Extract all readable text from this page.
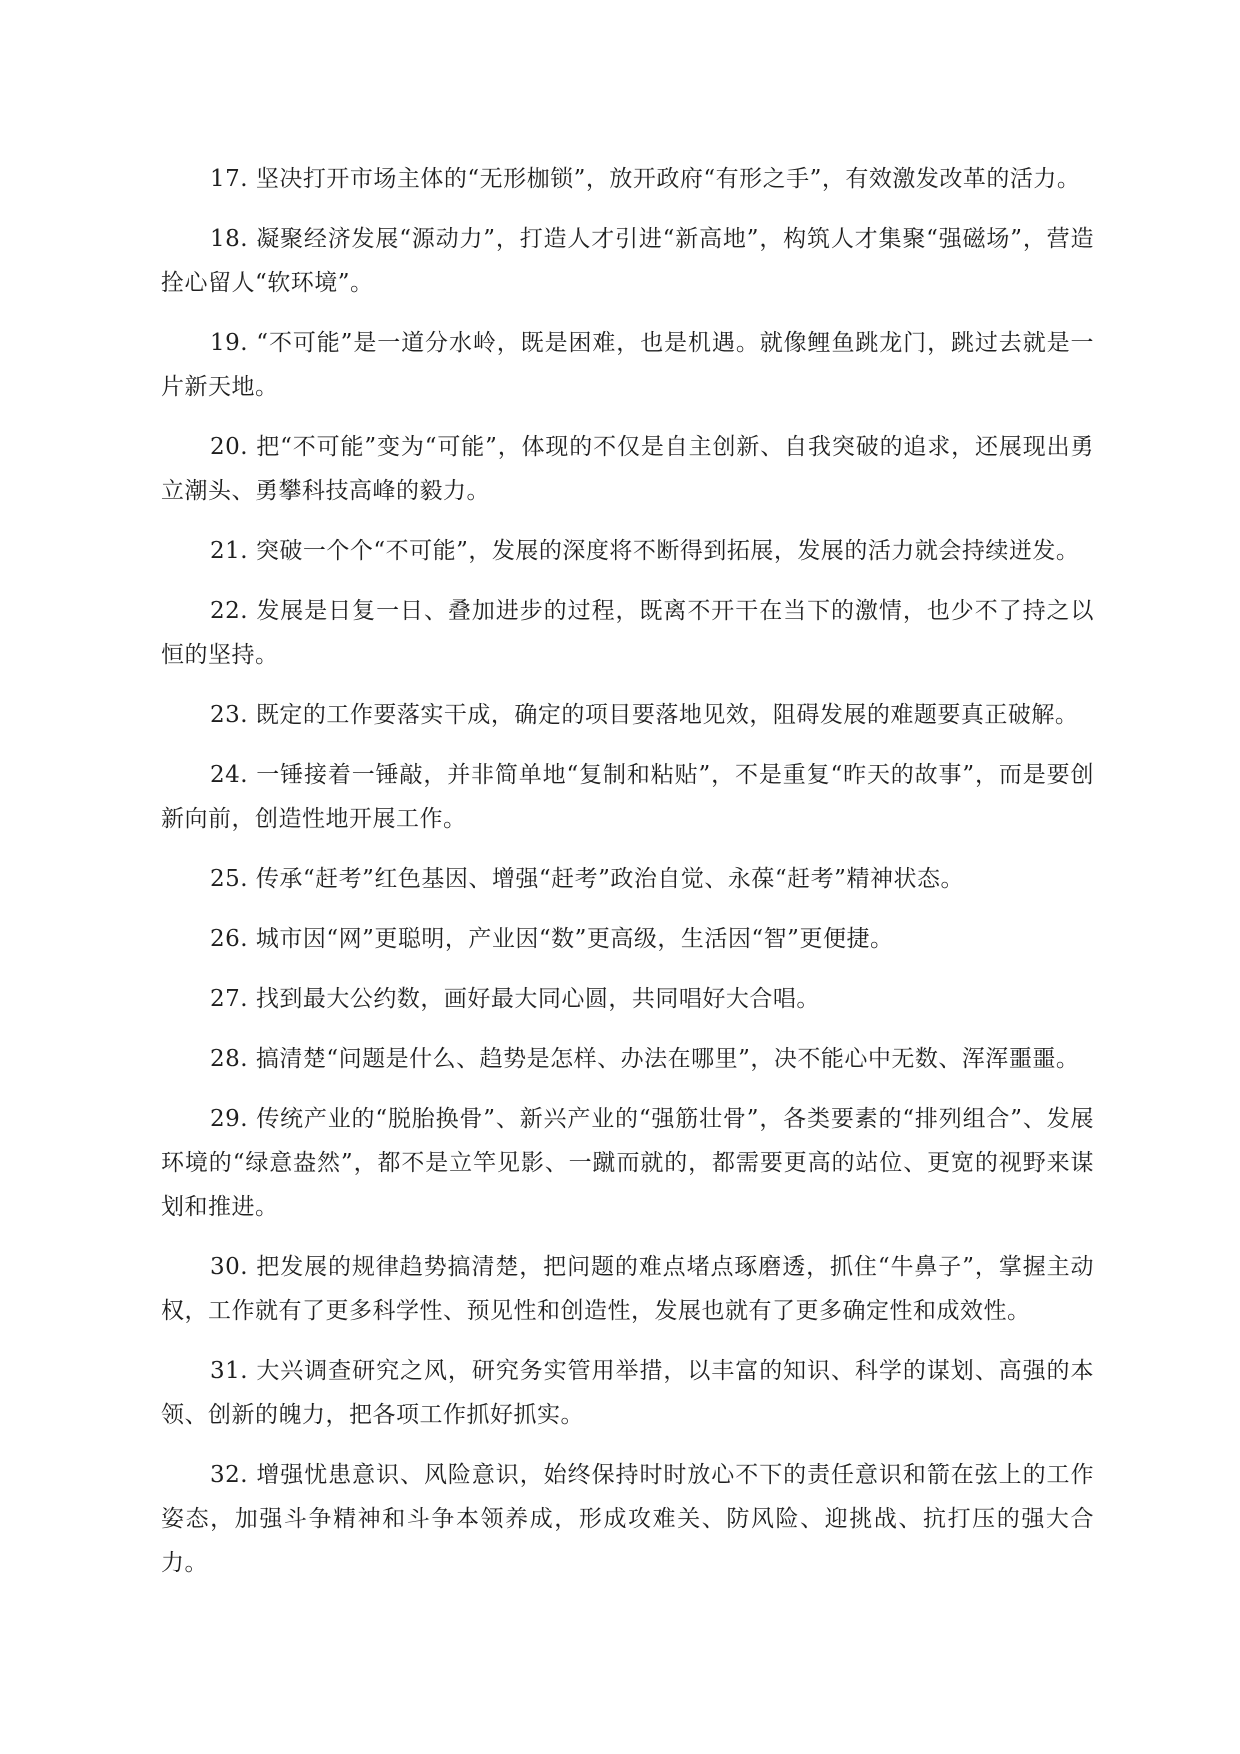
17. 坚决打开市场主体的“无形枷锁”，放开政府“有形之手”，有效激发改革的活力。

18. 凝聚经济发展“源动力”，打造人才引进“新高地”，构筑人才集聚“强磁场”，营造拴心留人“软环境”。

19. “不可能”是一道分水岭，既是困难，也是机遇。就像鲤鱼跳龙门，跳过去就是一片新天地。

20. 把“不可能”变为“可能”，体现的不仅是自主创新、自我突破的追求，还展现出勇立潮头、勇攀科技高峰的毅力。

21. 突破一个个“不可能”，发展的深度将不断得到拓展，发展的活力就会持续迸发。

22. 发展是日复一日、叠加进步的过程，既离不开干在当下的激情，也少不了持之以恒的坚持。

23. 既定的工作要落实干成，确定的项目要落地见效，阻碍发展的难题要真正破解。

24. 一锤接着一锤敲，并非简单地“复制和粘贴”，不是重复“昨天的故事”，而是要创新向前，创造性地开展工作。

25. 传承“赶考”红色基因、增强“赶考”政治自觉、永葆“赶考”精神状态。

26. 城市因“网”更聪明，产业因“数”更高级，生活因“智”更便捷。

27. 找到最大公约数，画好最大同心圆，共同唱好大合唱。

28. 搞清楚“问题是什么、趋势是怎样、办法在哪里”，决不能心中无数、浑浑噩噩。

29. 传统产业的“脱胎换骨”、新兴产业的“强筋壮骨”，各类要素的“排列组合”、发展环境的“绿意盎然”，都不是立竿见影、一蹴而就的，都需要更高的站位、更宽的视野来谋划和推进。

30. 把发展的规律趋势搞清楚，把问题的难点堵点琢磨透，抓住“牛鼻子”，掌握主动权，工作就有了更多科学性、预见性和创造性，发展也就有了更多确定性和成效性。

31. 大兴调查研究之风，研究务实管用举措，以丰富的知识、科学的谋划、高强的本领、创新的魄力，把各项工作抓好抓实。

32. 增强忧患意识、风险意识，始终保持时时放心不下的责任意识和箭在弦上的工作姿态，加强斗争精神和斗争本领养成，形成攻难关、防风险、迎挑战、抗打压的强大合力。
